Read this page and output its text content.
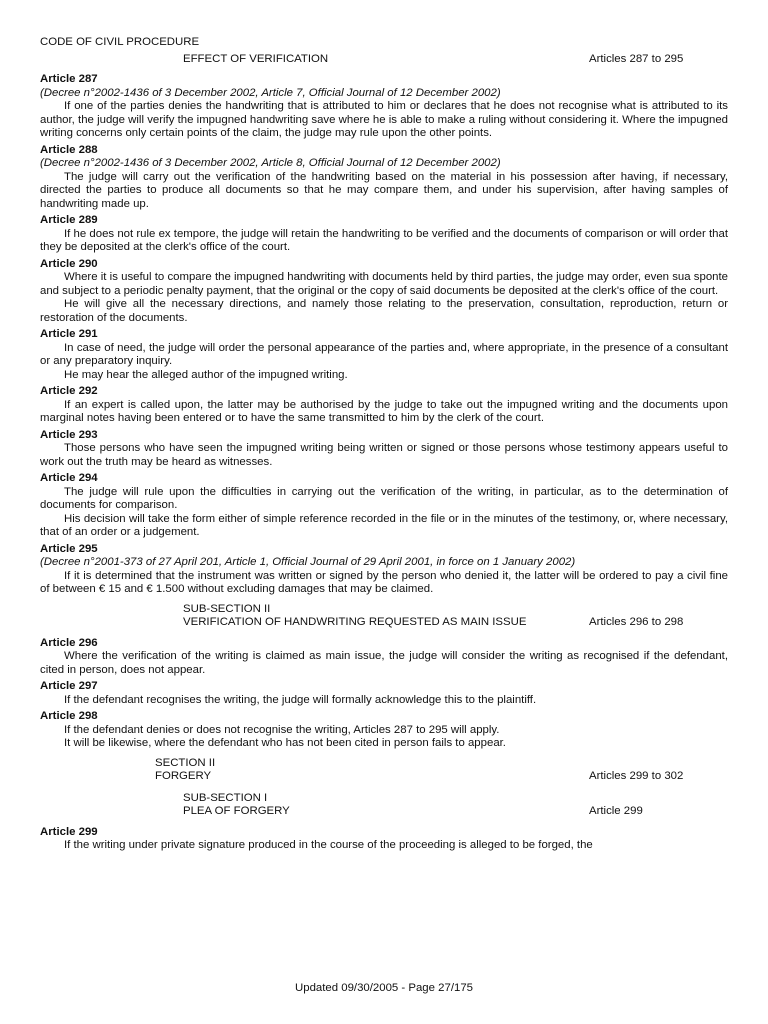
CODE OF CIVIL PROCEDURE
EFFECT OF VERIFICATION	Articles 287 to 295
Article 287
(Decree n°2002-1436 of 3 December 2002, Article 7, Official Journal of 12 December 2002)
If one of the parties denies the handwriting that is attributed to him or declares that he does not recognise what is attributed to its author, the judge will verify the impugned handwriting save where he is able to make a ruling without considering it. Where the impugned writing concerns only certain points of the claim, the judge may rule upon the other points.
Article 288
(Decree n°2002-1436 of 3 December 2002, Article 8, Official Journal of 12 December 2002)
The judge will carry out the verification of the handwriting based on the material in his possession after having, if necessary, directed the parties to produce all documents so that he may compare them, and under his supervision, after having samples of handwriting made up.
Article 289
If he does not rule ex tempore, the judge will retain the handwriting to be verified and the documents of comparison or will order that they be deposited at the clerk's office of the court.
Article 290
Where it is useful to compare the impugned handwriting with documents held by third parties, the judge may order, even sua sponte and subject to a periodic penalty payment, that the original or the copy of said documents be deposited at the clerk's office of the court.
He will give all the necessary directions, and namely those relating to the preservation, consultation, reproduction, return or restoration of the documents.
Article 291
In case of need, the judge will order the personal appearance of the parties and, where appropriate, in the presence of a consultant or any preparatory inquiry.
He may hear the alleged author of the impugned writing.
Article 292
If an expert is called upon, the latter may be authorised by the judge to take out the impugned writing and the documents upon marginal notes having been entered or to have the same transmitted to him by the clerk of the court.
Article 293
Those persons who have seen the impugned writing being written or signed or those persons whose testimony appears useful to work out the truth may be heard as witnesses.
Article 294
The judge will rule upon the difficulties in carrying out the verification of the writing, in particular, as to the determination of documents for comparison.
His decision will take the form either of simple reference recorded in the file or in the minutes of the testimony, or, where necessary, that of an order or a judgement.
Article 295
(Decree n°2001-373 of 27 April 201, Article 1, Official Journal of 29 April 2001, in force on 1 January 2002)
If it is determined that the instrument was written or signed by the person who denied it, the latter will be ordered to pay a civil fine of between € 15 and € 1.500 without excluding damages that may be claimed.
SUB-SECTION II
VERIFICATION OF HANDWRITING REQUESTED AS MAIN ISSUE	Articles 296 to 298
Article 296
Where the verification of the writing is claimed as main issue, the judge will consider the writing as recognised if the defendant, cited in person, does not appear.
Article 297
If the defendant recognises the writing, the judge will formally acknowledge this to the plaintiff.
Article 298
If the defendant denies or does not recognise the writing, Articles 287 to 295 will apply.
It will be likewise, where the defendant who has not been cited in person fails to appear.
SECTION II
FORGERY	Articles 299 to 302
SUB-SECTION I
PLEA OF FORGERY	Article 299
Article 299
If the writing under private signature produced in the course of the proceeding is alleged to be forged, the
Updated 09/30/2005 - Page 27/175
